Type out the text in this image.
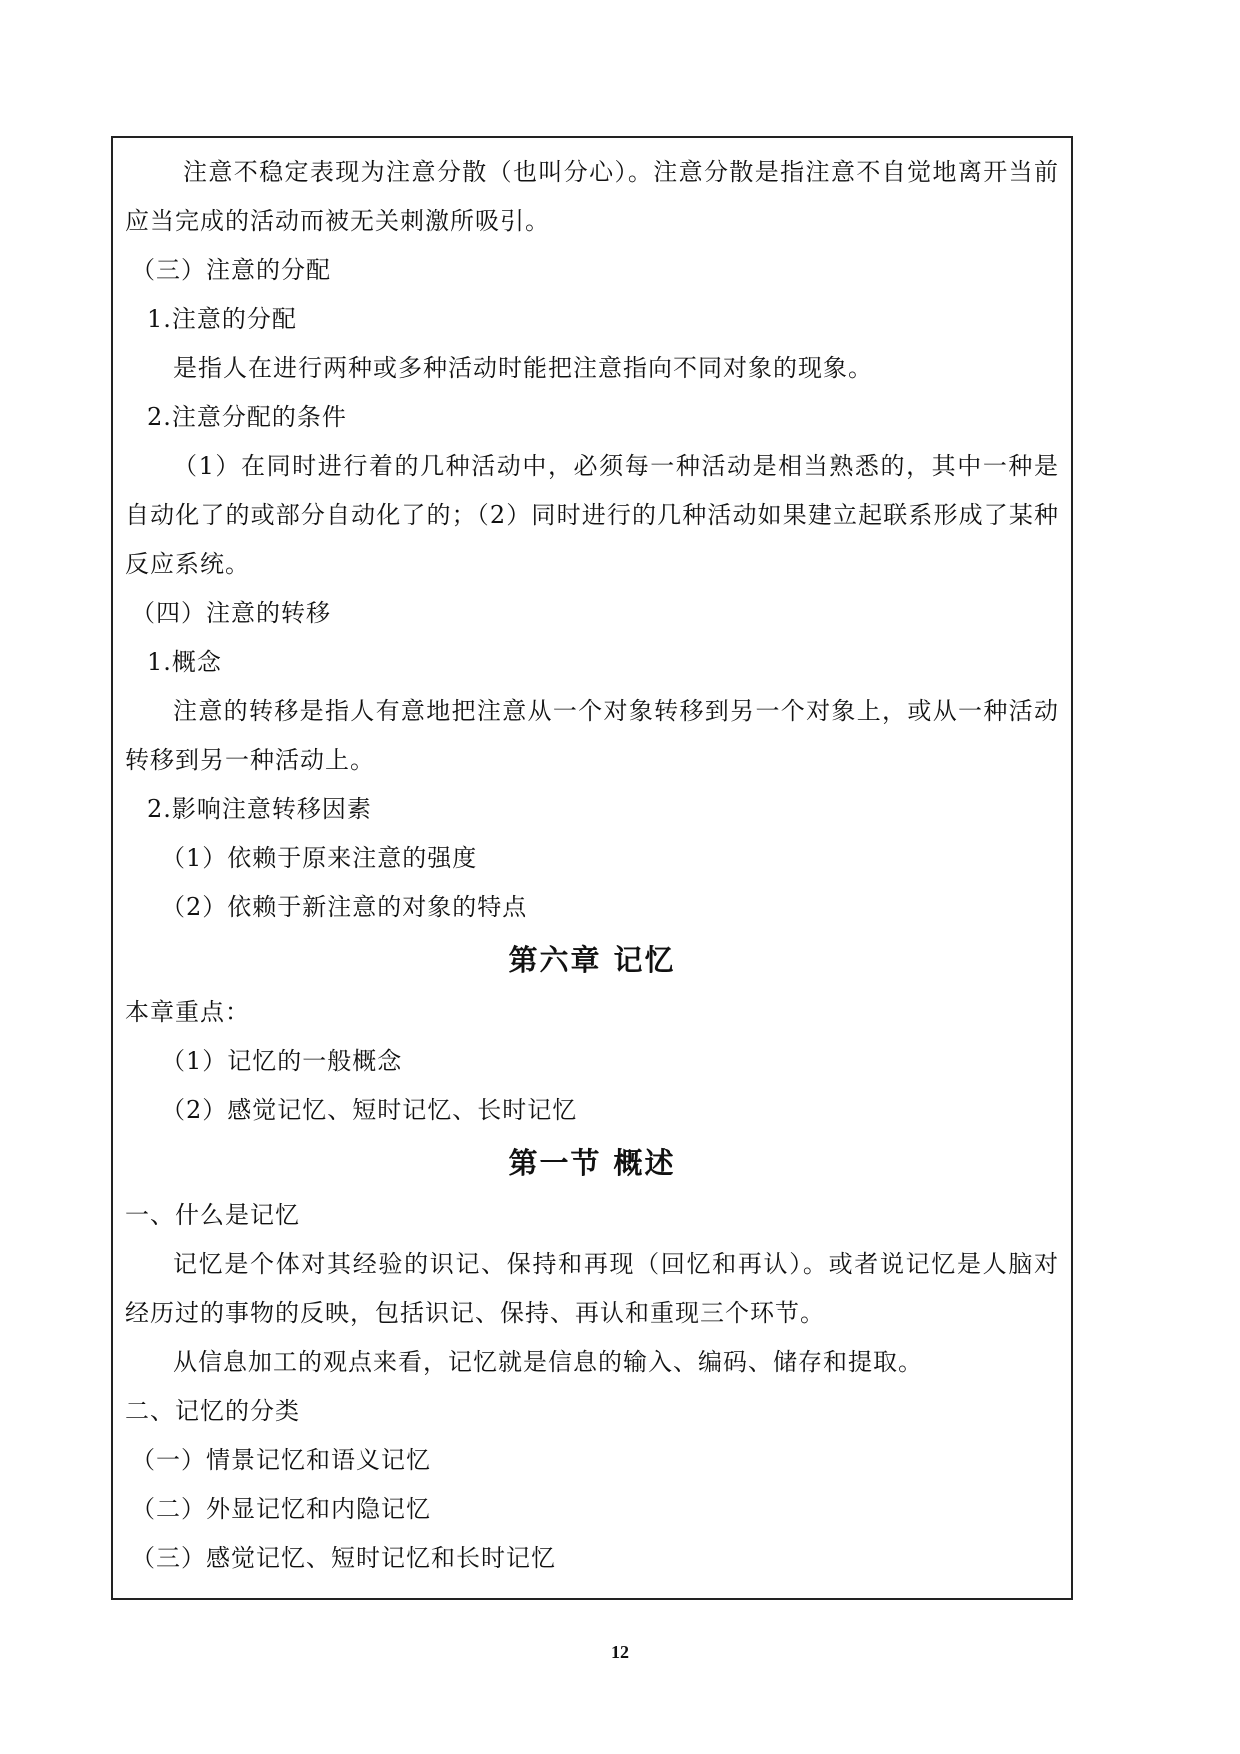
注意不稳定表现为注意分散（也叫分心）。注意分散是指注意不自觉地离开当前应当完成的活动而被无关刺激所吸引。
（三）注意的分配
1.注意的分配
是指人在进行两种或多种活动时能把注意指向不同对象的现象。
2.注意分配的条件
（1）在同时进行着的几种活动中，必须每一种活动是相当熟悉的，其中一种是自动化了的或部分自动化了的；（2）同时进行的几种活动如果建立起联系形成了某种反应系统。
（四）注意的转移
1.概念
注意的转移是指人有意地把注意从一个对象转移到另一个对象上，或从一种活动转移到另一种活动上。
2.影响注意转移因素
（1）依赖于原来注意的强度
（2）依赖于新注意的对象的特点
第六章 记忆
本章重点：
（1）记忆的一般概念
（2）感觉记忆、短时记忆、长时记忆
第一节 概述
一、什么是记忆
记忆是个体对其经验的识记、保持和再现（回忆和再认）。或者说记忆是人脑对经历过的事物的反映，包括识记、保持、再认和重现三个环节。
从信息加工的观点来看，记忆就是信息的输入、编码、储存和提取。
二、记忆的分类
（一）情景记忆和语义记忆
（二）外显记忆和内隐记忆
（三）感觉记忆、短时记忆和长时记忆
12
